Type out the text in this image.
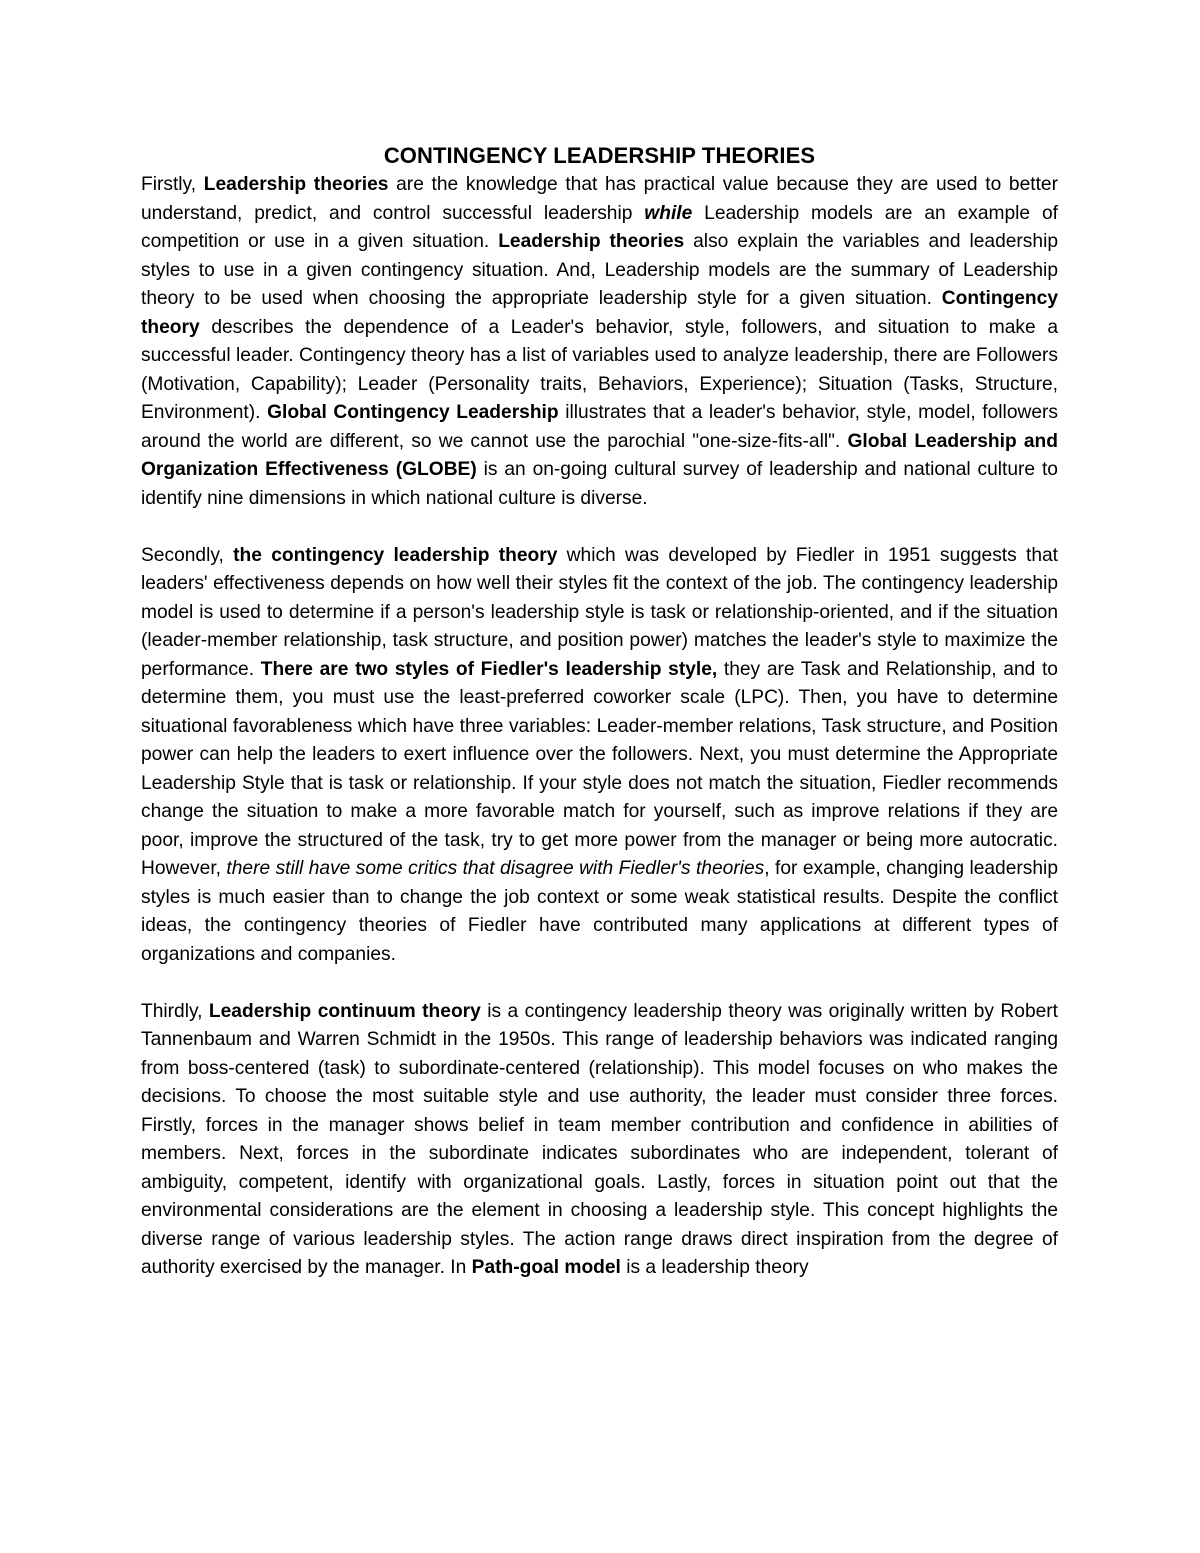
CONTINGENCY LEADERSHIP THEORIES

Firstly, Leadership theories are the knowledge that has practical value because they are used to better understand, predict, and control successful leadership while Leadership models are an example of competition or use in a given situation. Leadership theories also explain the variables and leadership styles to use in a given contingency situation. And, Leadership models are the summary of Leadership theory to be used when choosing the appropriate leadership style for a given situation. Contingency theory describes the dependence of a Leader's behavior, style, followers, and situation to make a successful leader. Contingency theory has a list of variables used to analyze leadership, there are Followers (Motivation, Capability); Leader (Personality traits, Behaviors, Experience); Situation (Tasks, Structure, Environment). Global Contingency Leadership illustrates that a leader's behavior, style, model, followers around the world are different, so we cannot use the parochial "one-size-fits-all". Global Leadership and Organization Effectiveness (GLOBE) is an on-going cultural survey of leadership and national culture to identify nine dimensions in which national culture is diverse.

Secondly, the contingency leadership theory which was developed by Fiedler in 1951 suggests that leaders' effectiveness depends on how well their styles fit the context of the job. The contingency leadership model is used to determine if a person's leadership style is task or relationship-oriented, and if the situation (leader-member relationship, task structure, and position power) matches the leader's style to maximize the performance. There are two styles of Fiedler's leadership style, they are Task and Relationship, and to determine them, you must use the least-preferred coworker scale (LPC). Then, you have to determine situational favorableness which have three variables: Leader-member relations, Task structure, and Position power can help the leaders to exert influence over the followers. Next, you must determine the Appropriate Leadership Style that is task or relationship. If your style does not match the situation, Fiedler recommends change the situation to make a more favorable match for yourself, such as improve relations if they are poor, improve the structured of the task, try to get more power from the manager or being more autocratic. However, there still have some critics that disagree with Fiedler's theories, for example, changing leadership styles is much easier than to change the job context or some weak statistical results. Despite the conflict ideas, the contingency theories of Fiedler have contributed many applications at different types of organizations and companies.

Thirdly, Leadership continuum theory is a contingency leadership theory was originally written by Robert Tannenbaum and Warren Schmidt in the 1950s. This range of leadership behaviors was indicated ranging from boss-centered (task) to subordinate-centered (relationship). This model focuses on who makes the decisions. To choose the most suitable style and use authority, the leader must consider three forces. Firstly, forces in the manager shows belief in team member contribution and confidence in abilities of members. Next, forces in the subordinate indicates subordinates who are independent, tolerant of ambiguity, competent, identify with organizational goals. Lastly, forces in situation point out that the environmental considerations are the element in choosing a leadership style. This concept highlights the diverse range of various leadership styles. The action range draws direct inspiration from the degree of authority exercised by the manager. In Path-goal model is a leadership theory
